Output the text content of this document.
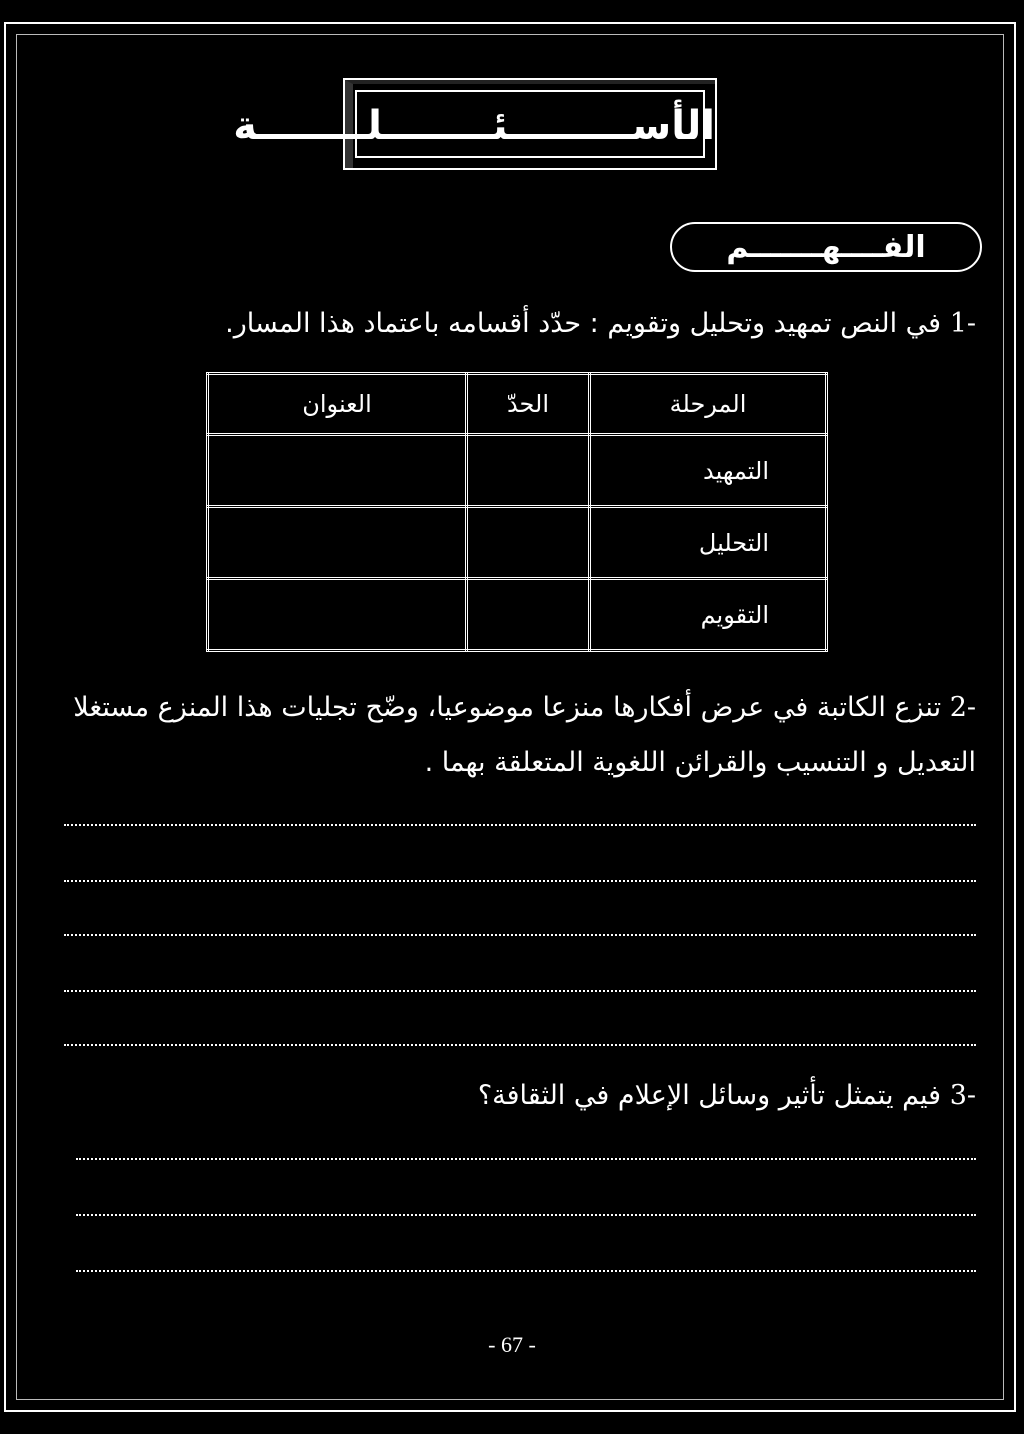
الأســـــــــئــــــــلــــــــة
الفــــهـــــــم
-1 في النص تمهيد وتحليل وتقويم : حدّد أقسامه باعتماد هذا المسار.
المرحلة	الحدّ	العنوان
التمهيد		
التحليل		
التقويم		
-2 تنزع الكاتبة في عرض أفكارها منزعا موضوعيا، وضّح تجليات هذا المنزع مستغلا
التعديل و التنسيب والقرائن اللغوية المتعلقة بهما .
-3 فيم يتمثل تأثير وسائل الإعلام في الثقافة؟
- 67 -
